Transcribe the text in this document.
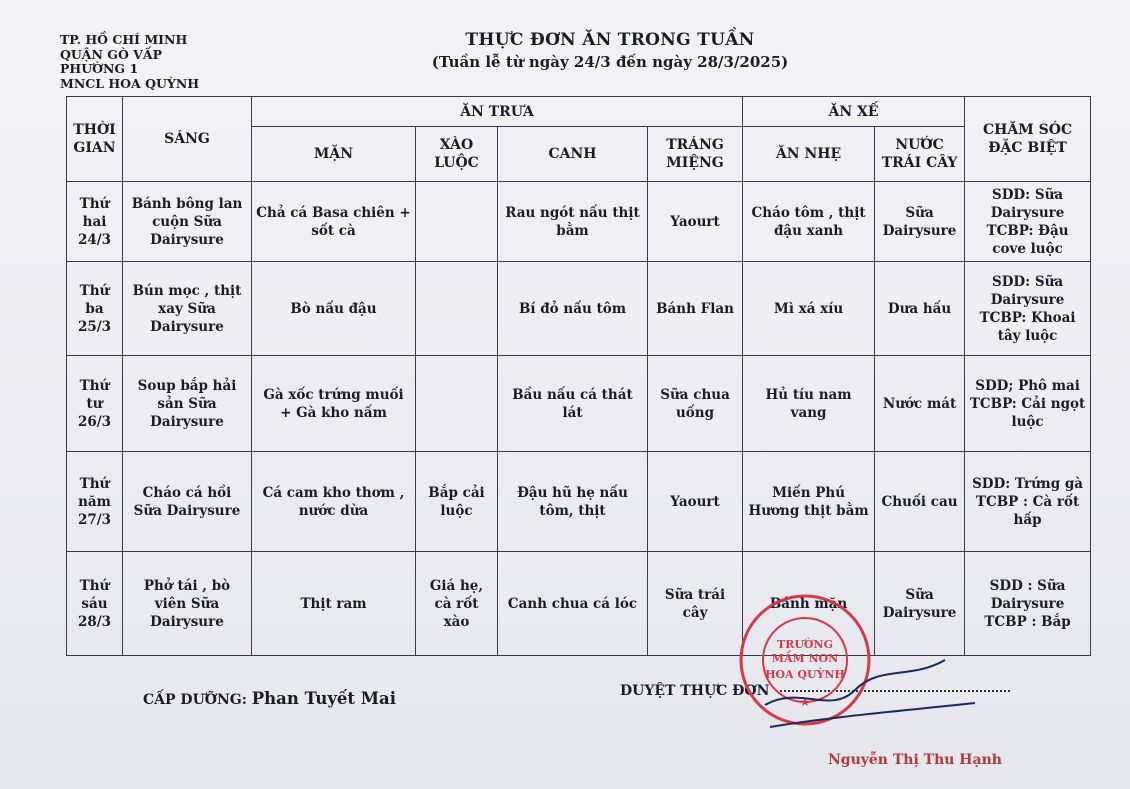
TP. HỒ CHÍ MINH
QUẬN GÒ VẤP
PHƯỜNG 1
MNCL HOA QUỲNH
THỰC ĐƠN ĂN TRONG TUẦN
(Tuần lễ từ ngày 24/3 đến ngày 28/3/2025)
THỜI GIAN	SÁNG	ĂN TRƯA				ĂN XẾ		CHĂM SÓC ĐẶC BIỆT
		MẶN	XÀO LUỘC	CANH	TRÁNG MIỆNG	ĂN NHẸ	NƯỚC TRÁI CÂY	
Thứ hai 24/3	Bánh bông lan cuộn Sữa Dairysure	Chả cá Basa chiên + sốt cà		Rau ngót nấu thịt bằm	Yaourt	Cháo tôm , thịt đậu xanh	Sữa Dairysure	SDD: Sữa Dairysure TCBP: Đậu cove luộc
Thứ ba 25/3	Bún mọc , thịt xay Sữa Dairysure	Bò nấu đậu		Bí đỏ nấu tôm	Bánh Flan	Mì xá xíu	Dưa hấu	SDD: Sữa Dairysure TCBP: Khoai tây luộc
Thứ tư 26/3	Soup bắp hải sản Sữa Dairysure	Gà xốc trứng muối + Gà kho nấm		Bầu nấu cá thát lát	Sữa chua uống	Hủ tíu nam vang	Nước mát	SDD; Phô mai TCBP: Cải ngọt luộc
Thứ năm 27/3	Cháo cá hồi Sữa Dairysure	Cá cam kho thơm , nước dừa	Bắp cải luộc	Đậu hũ hẹ nấu tôm, thịt	Yaourt	Miến Phú Hương thịt bằm	Chuối cau	SDD: Trứng gà TCBP : Cà rốt hấp
Thứ sáu 28/3	Phở tái , bò viên Sữa Dairysure	Thịt ram	Giá hẹ, cà rốt xào	Canh chua cá lóc	Sữa trái cây	Bánh mặn	Sữa Dairysure	SDD : Sữa Dairysure TCBP : Bắp
CẤP DƯỠNG: Phan Tuyết Mai	DUYỆT THỰC ĐƠN
TRƯỜNG
MẦM NON
HOA QUỲNH
★
Nguyễn Thị Thu Hạnh
